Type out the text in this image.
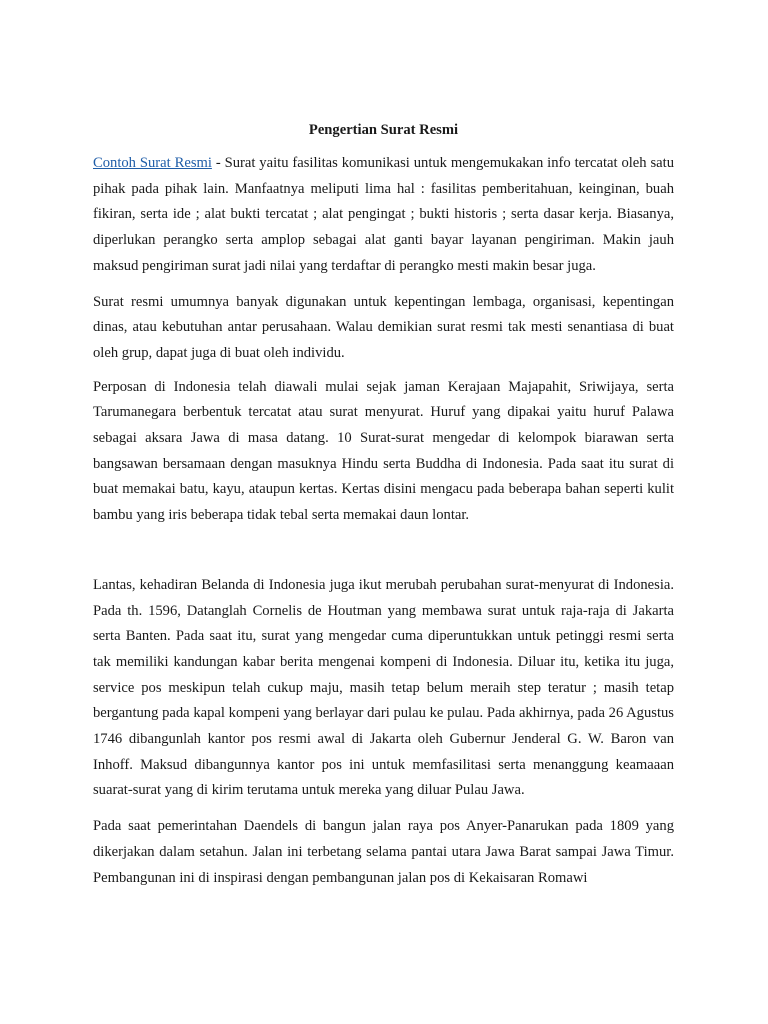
Pengertian Surat Resmi

Contoh Surat Resmi - Surat yaitu fasilitas komunikasi untuk mengemukakan info tercatat oleh satu pihak pada pihak lain. Manfaatnya meliputi lima hal : fasilitas pemberitahuan, keinginan, buah fikiran, serta ide ; alat bukti tercatat ; alat pengingat ; bukti historis ; serta dasar kerja. Biasanya, diperlukan perangko serta amplop sebagai alat ganti bayar layanan pengiriman. Makin jauh maksud pengiriman surat jadi nilai yang terdaftar di perangko mesti makin besar juga.

Surat resmi umumnya banyak digunakan untuk kepentingan lembaga, organisasi, kepentingan dinas, atau kebutuhan antar perusahaan. Walau demikian surat resmi tak mesti senantiasa di buat oleh grup, dapat juga di buat oleh individu.

Perposan di Indonesia telah diawali mulai sejak jaman Kerajaan Majapahit, Sriwijaya, serta Tarumanegara berbentuk tercatat atau surat menyurat. Huruf yang dipakai yaitu huruf Palawa sebagai aksara Jawa di masa datang. 10 Surat-surat mengedar di kelompok biarawan serta bangsawan bersamaan dengan masuknya Hindu serta Buddha di Indonesia. Pada saat itu surat di buat memakai batu, kayu, ataupun kertas. Kertas disini mengacu pada beberapa bahan seperti kulit bambu yang iris beberapa tidak tebal serta memakai daun lontar.

Lantas, kehadiran Belanda di Indonesia juga ikut merubah perubahan surat-menyurat di Indonesia. Pada th. 1596, Datanglah Cornelis de Houtman yang membawa surat untuk raja-raja di Jakarta serta Banten. Pada saat itu, surat yang mengedar cuma diperuntukkan untuk petinggi resmi serta tak memiliki kandungan kabar berita mengenai kompeni di Indonesia. Diluar itu, ketika itu juga, service pos meskipun telah cukup maju, masih tetap belum meraih step teratur ; masih tetap bergantung pada kapal kompeni yang berlayar dari pulau ke pulau. Pada akhirnya, pada 26 Agustus 1746 dibangunlah kantor pos resmi awal di Jakarta oleh Gubernur Jenderal G. W. Baron van Inhoff. Maksud dibangunnya kantor pos ini untuk memfasilitasi serta menanggung keamaaan suarat-surat yang di kirim terutama untuk mereka yang diluar Pulau Jawa.

Pada saat pemerintahan Daendels di bangun jalan raya pos Anyer-Panarukan pada 1809 yang dikerjakan dalam setahun. Jalan ini terbetang selama pantai utara Jawa Barat sampai Jawa Timur. Pembangunan ini di inspirasi dengan pembangunan jalan pos di Kekaisaran Romawi
